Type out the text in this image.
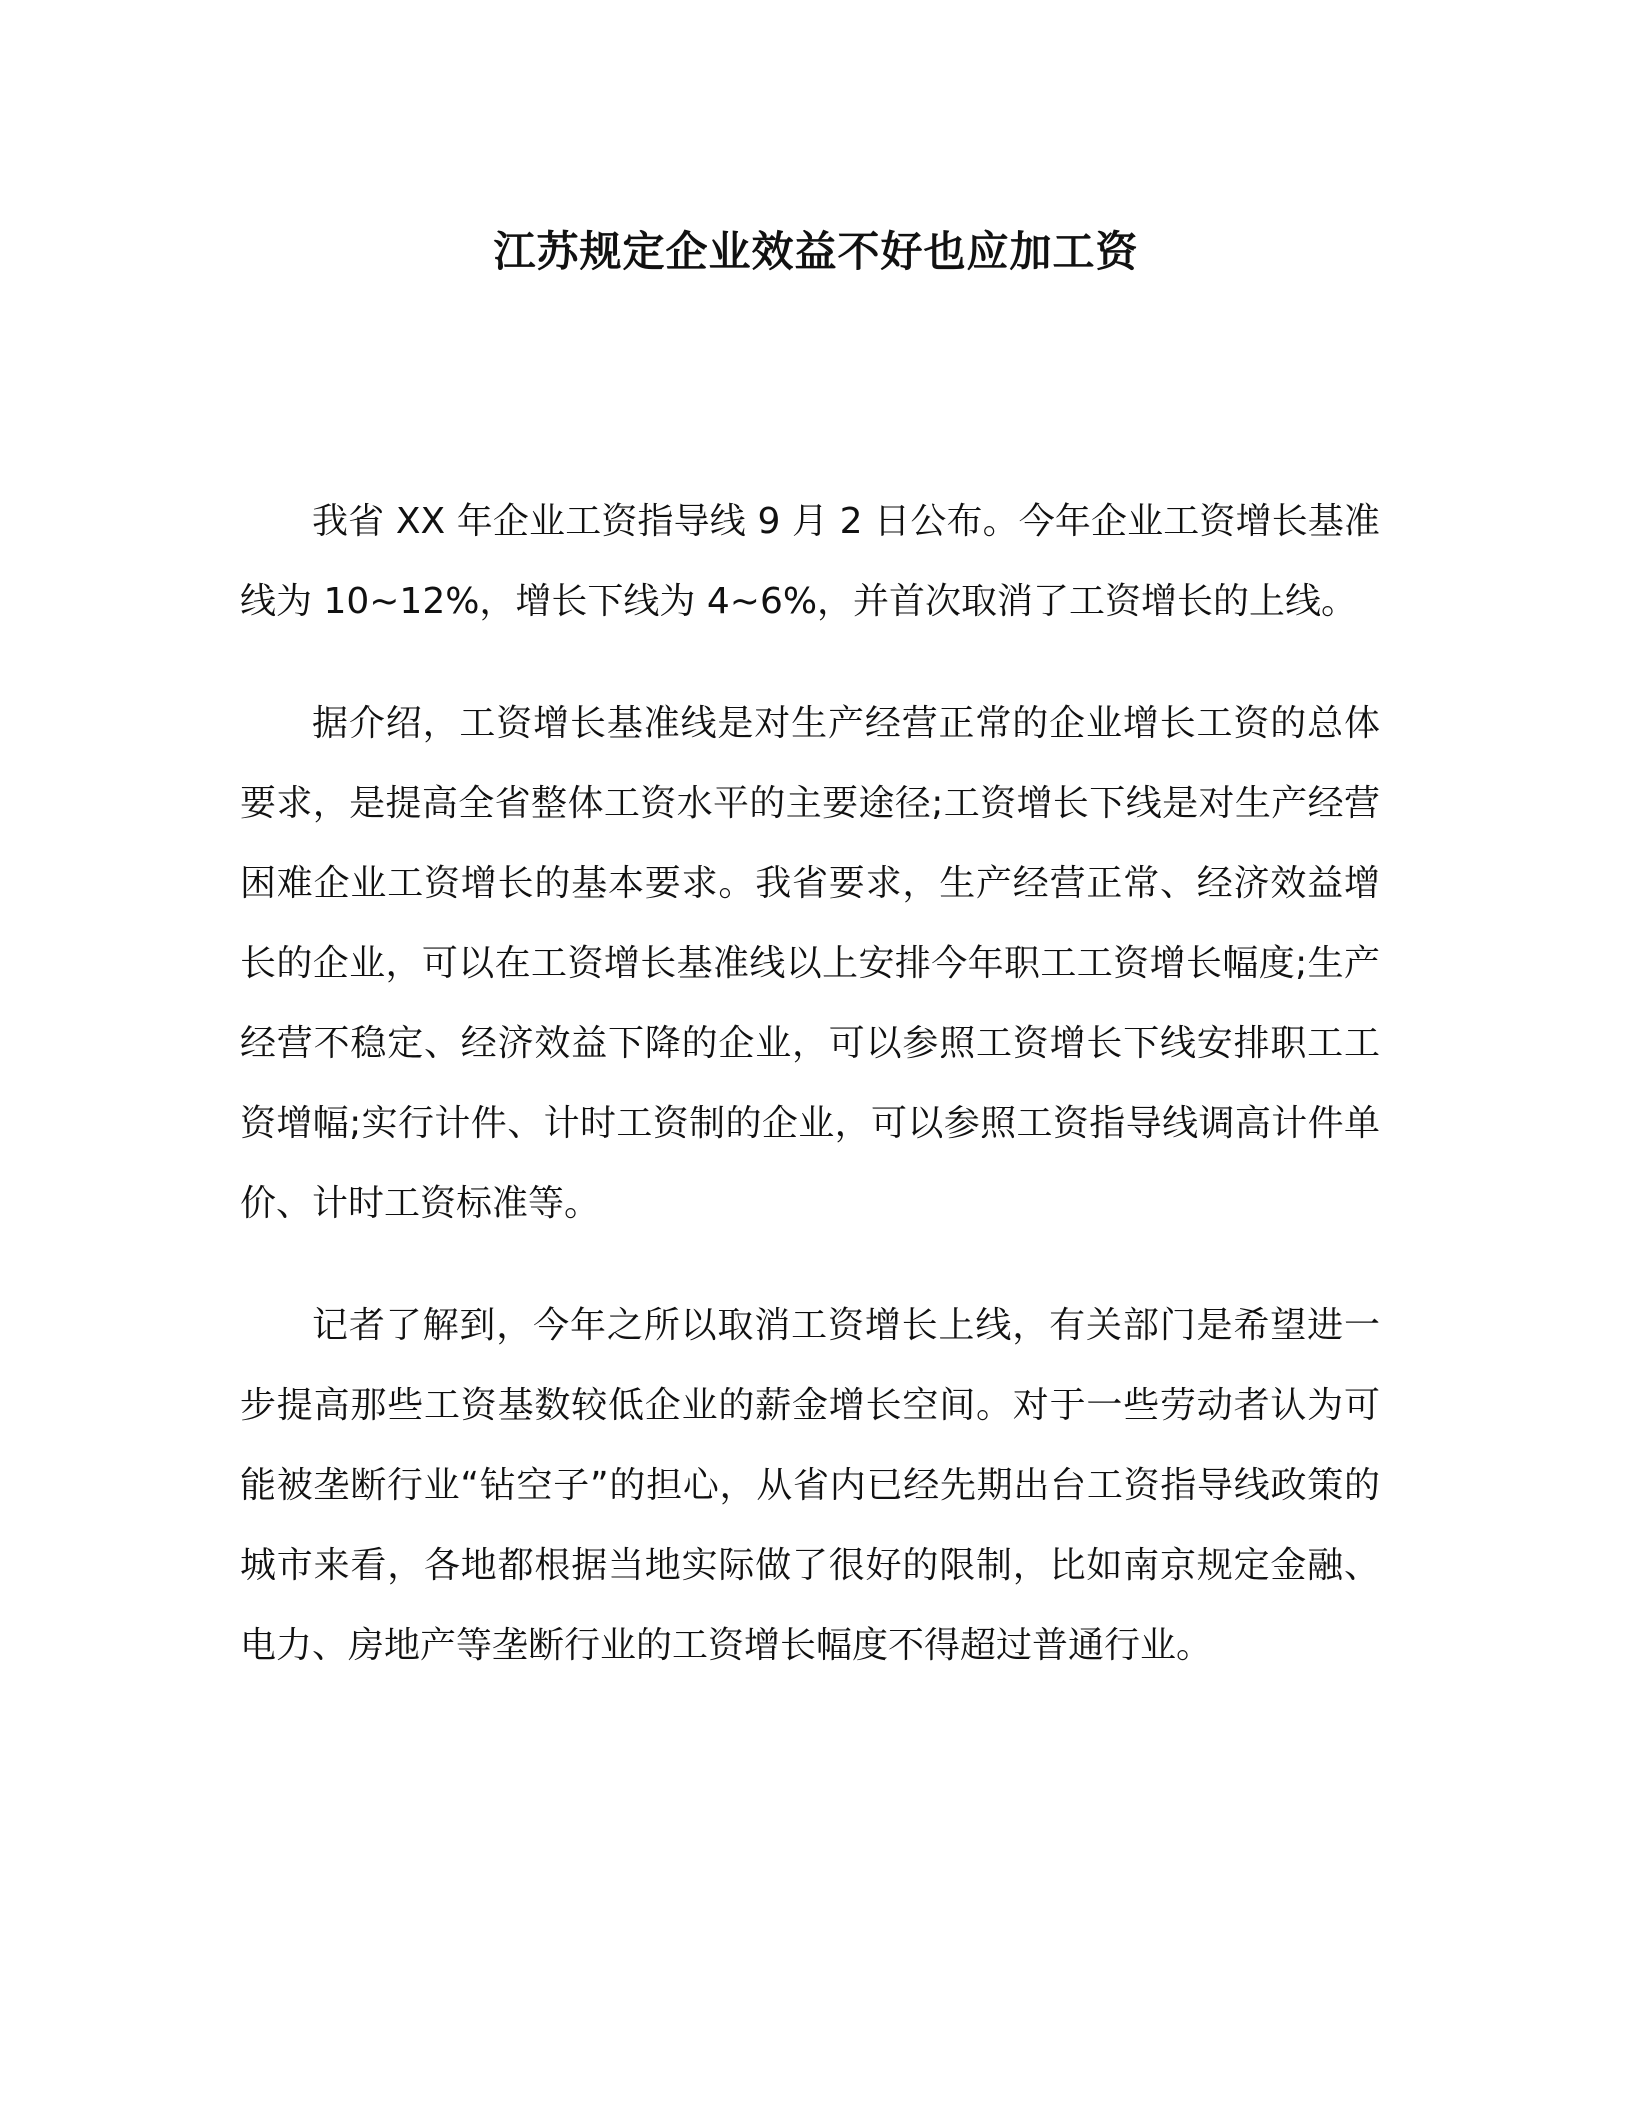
江苏规定企业效益不好也应加工资

我省 XX 年企业工资指导线 9 月 2 日公布。今年企业工资增长基准线为 10~12%，增长下线为 4~6%，并首次取消了工资增长的上线。

据介绍，工资增长基准线是对生产经营正常的企业增长工资的总体要求，是提高全省整体工资水平的主要途径;工资增长下线是对生产经营困难企业工资增长的基本要求。我省要求，生产经营正常、经济效益增长的企业，可以在工资增长基准线以上安排今年职工工资增长幅度;生产经营不稳定、经济效益下降的企业，可以参照工资增长下线安排职工工资增幅;实行计件、计时工资制的企业，可以参照工资指导线调高计件单价、计时工资标准等。

记者了解到，今年之所以取消工资增长上线，有关部门是希望进一步提高那些工资基数较低企业的薪金增长空间。对于一些劳动者认为可能被垄断行业“钻空子”的担心，从省内已经先期出台工资指导线政策的城市来看，各地都根据当地实际做了很好的限制，比如南京规定金融、电力、房地产等垄断行业的工资增长幅度不得超过普通行业。
